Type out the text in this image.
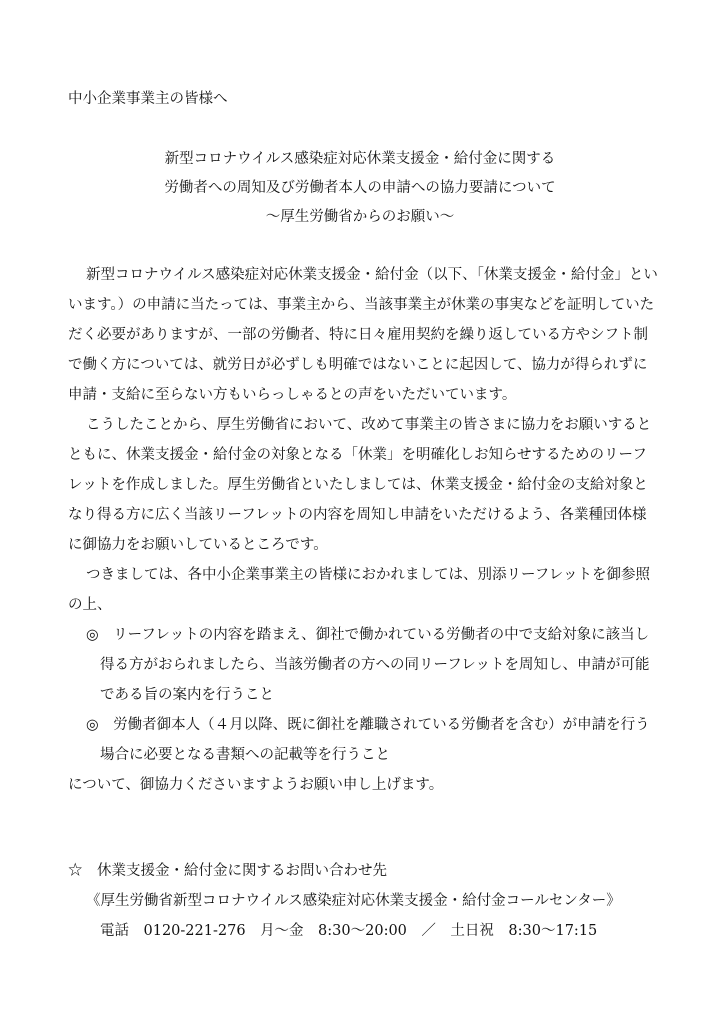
中小企業事業主の皆様へ
新型コロナウイルス感染症対応休業支援金・給付金に関する
労働者への周知及び労働者本人の申請への協力要請について
〜厚生労働省からのお願い〜
新型コロナウイルス感染症対応休業支援金・給付金（以下、「休業支援金・給付金」とい
います。）の申請に当たっては、事業主から、当該事業主が休業の事実などを証明していた
だく必要がありますが、一部の労働者、特に日々雇用契約を繰り返している方やシフト制
で働く方については、就労日が必ずしも明確ではないことに起因して、協力が得られずに
申請・支給に至らない方もいらっしゃるとの声をいただいています。
こうしたことから、厚生労働省において、改めて事業主の皆さまに協力をお願いすると
ともに、休業支援金・給付金の対象となる「休業」を明確化しお知らせするためのリーフ
レットを作成しました。厚生労働省といたしましては、休業支援金・給付金の支給対象と
なり得る方に広く当該リーフレットの内容を周知し申請をいただけるよう、各業種団体様
に御協力をお願いしているところです。
つきましては、各中小企業事業主の皆様におかれましては、別添リーフレットを御参照
の上、
◎　リーフレットの内容を踏まえ、御社で働かれている労働者の中で支給対象に該当し
得る方がおられましたら、当該労働者の方への同リーフレットを周知し、申請が可能
である旨の案内を行うこと
◎　労働者御本人（４月以降、既に御社を離職されている労働者を含む）が申請を行う
場合に必要となる書類への記載等を行うこと
について、御協力くださいますようお願い申し上げます。
☆　休業支援金・給付金に関するお問い合わせ先
《厚生労働省新型コロナウイルス感染症対応休業支援金・給付金コールセンター》
電話　 0120-221-276　 月〜金　8:30〜20:00　 ／　 土日祝　8:30〜17:15
